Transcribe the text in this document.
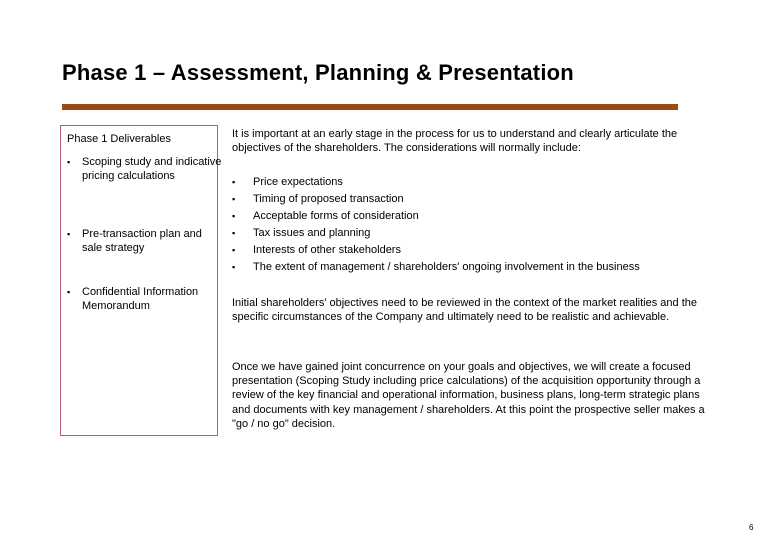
Phase 1 – Assessment, Planning & Presentation
Phase 1 Deliverables
▪ Scoping study and indicative pricing calculations
▪ Pre-transaction plan and sale strategy
▪ Confidential Information Memorandum
It is important at an early stage in the process for us to understand and clearly articulate the objectives of the shareholders. The considerations will normally include:
▪ Price expectations
▪ Timing of proposed transaction
▪ Acceptable forms of consideration
▪ Tax issues and planning
▪ Interests of other stakeholders
▪ The extent of management / shareholders' ongoing involvement in the business
Initial shareholders' objectives need to be reviewed in the context of the market realities and the specific circumstances of the Company and ultimately need to be realistic and achievable.
Once we have gained joint concurrence on your goals and objectives, we will create a focused presentation (Scoping Study including price calculations) of the acquisition opportunity through a review of the key financial and operational information, business plans, long-term strategic plans and documents with key management / shareholders. At this point the prospective seller makes a "go / no go" decision.
6
